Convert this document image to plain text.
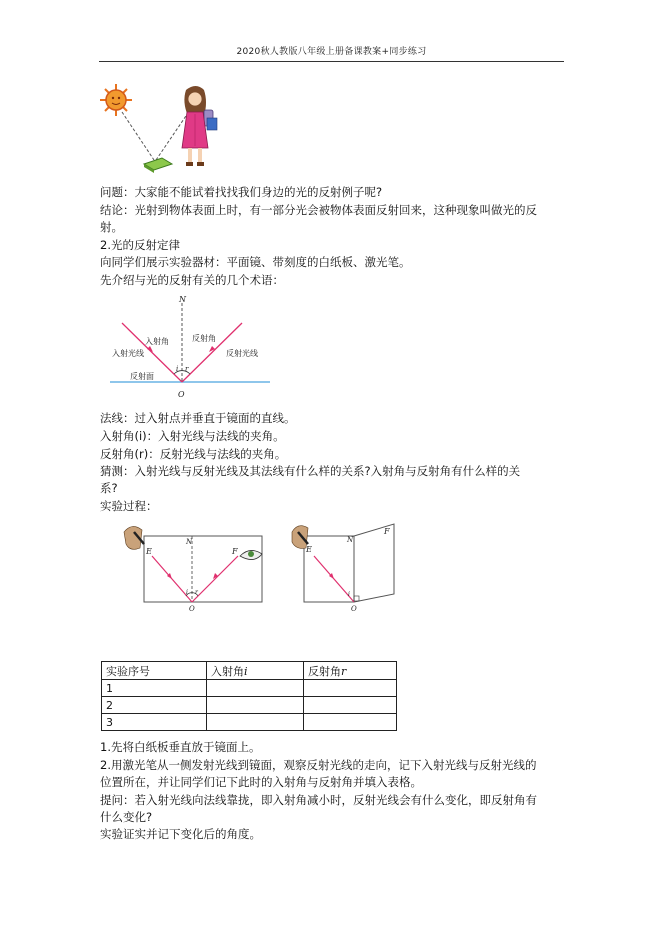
2020秋人教版八年级上册备课教案+同步练习
问题：大家能不能试着找找我们身边的光的反射例子呢?
结论：光射到物体表面上时，有一部分光会被物体表面反射回来，这种现象叫做光的反
射。
2.光的反射定律
向同学们展示实验器材：平面镜、带刻度的白纸板、激光笔。
先介绍与光的反射有关的几个术语：
N
入射角	反射角
入射光线	反射光线
反射面
i r
O
法线：过入射点并垂直于镜面的直线。
入射角(i)：入射光线与法线的夹角。
反射角(r)：反射光线与法线的夹角。
猜测：入射光线与反射光线及其法线有什么样的关系?入射角与反射角有什么样的关
系?
实验过程：
E	F
N
i r
O
E
F
N
i
O
实验序号	入射角i	反射角r
1		
2		
3		
1.先将白纸板垂直放于镜面上。
2.用激光笔从一侧发射光线到镜面，观察反射光线的走向，记下入射光线与反射光线的
位置所在，并让同学们记下此时的入射角与反射角并填入表格。
提问：若入射光线向法线靠拢，即入射角减小时，反射光线会有什么变化，即反射角有
什么变化?
实验证实并记下变化后的角度。
